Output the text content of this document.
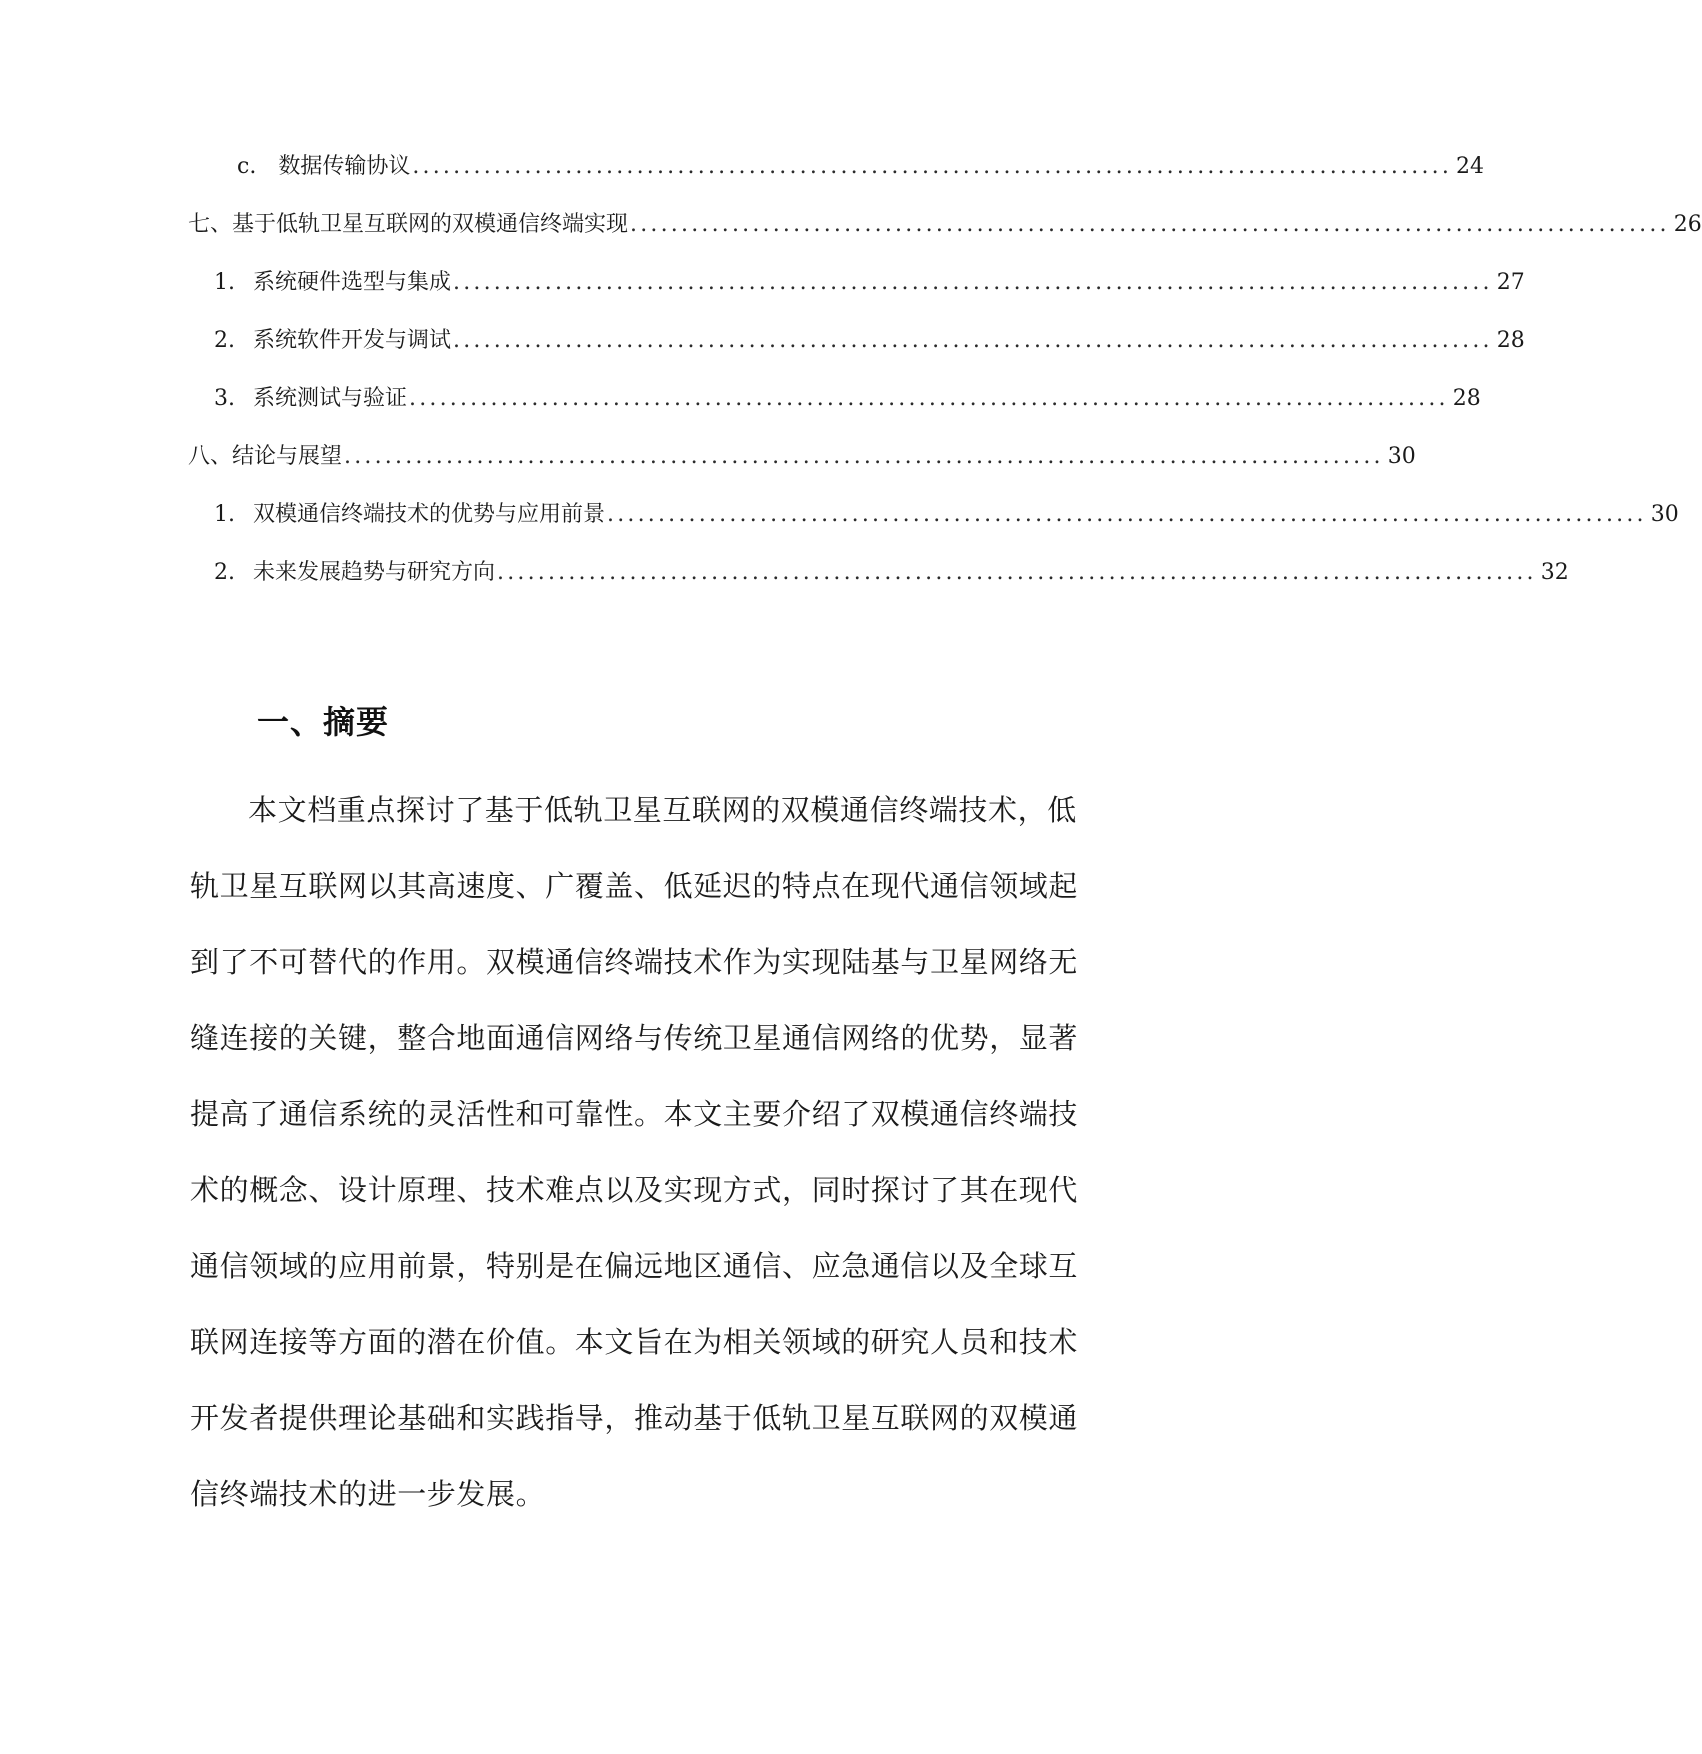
c. 数据传输协议 ...................................................................................................... 24
七、 基于低轨卫星互联网的双模通信终端实现 ...................................................................................................... 26
1. 系统硬件选型与集成 ...................................................................................................... 27
2. 系统软件开发与调试 ...................................................................................................... 28
3. 系统测试与验证 ...................................................................................................... 28
八、 结论与展望 ...................................................................................................... 30
1. 双模通信终端技术的优势与应用前景 ...................................................................................................... 30
2. 未来发展趋势与研究方向 ...................................................................................................... 32
一、摘要
本文档重点探讨了基于低轨卫星互联网的双模通信终端技术，低
轨卫星互联网以其高速度、广覆盖、低延迟的特点在现代通信领域起
到了不可替代的作用。双模通信终端技术作为实现陆基与卫星网络无
缝连接的关键，整合地面通信网络与传统卫星通信网络的优势，显著
提高了通信系统的灵活性和可靠性。本文主要介绍了双模通信终端技
术的概念、设计原理、技术难点以及实现方式，同时探讨了其在现代
通信领域的应用前景，特别是在偏远地区通信、应急通信以及全球互
联网连接等方面的潜在价值。本文旨在为相关领域的研究人员和技术
开发者提供理论基础和实践指导，推动基于低轨卫星互联网的双模通
信终端技术的进一步发展。
